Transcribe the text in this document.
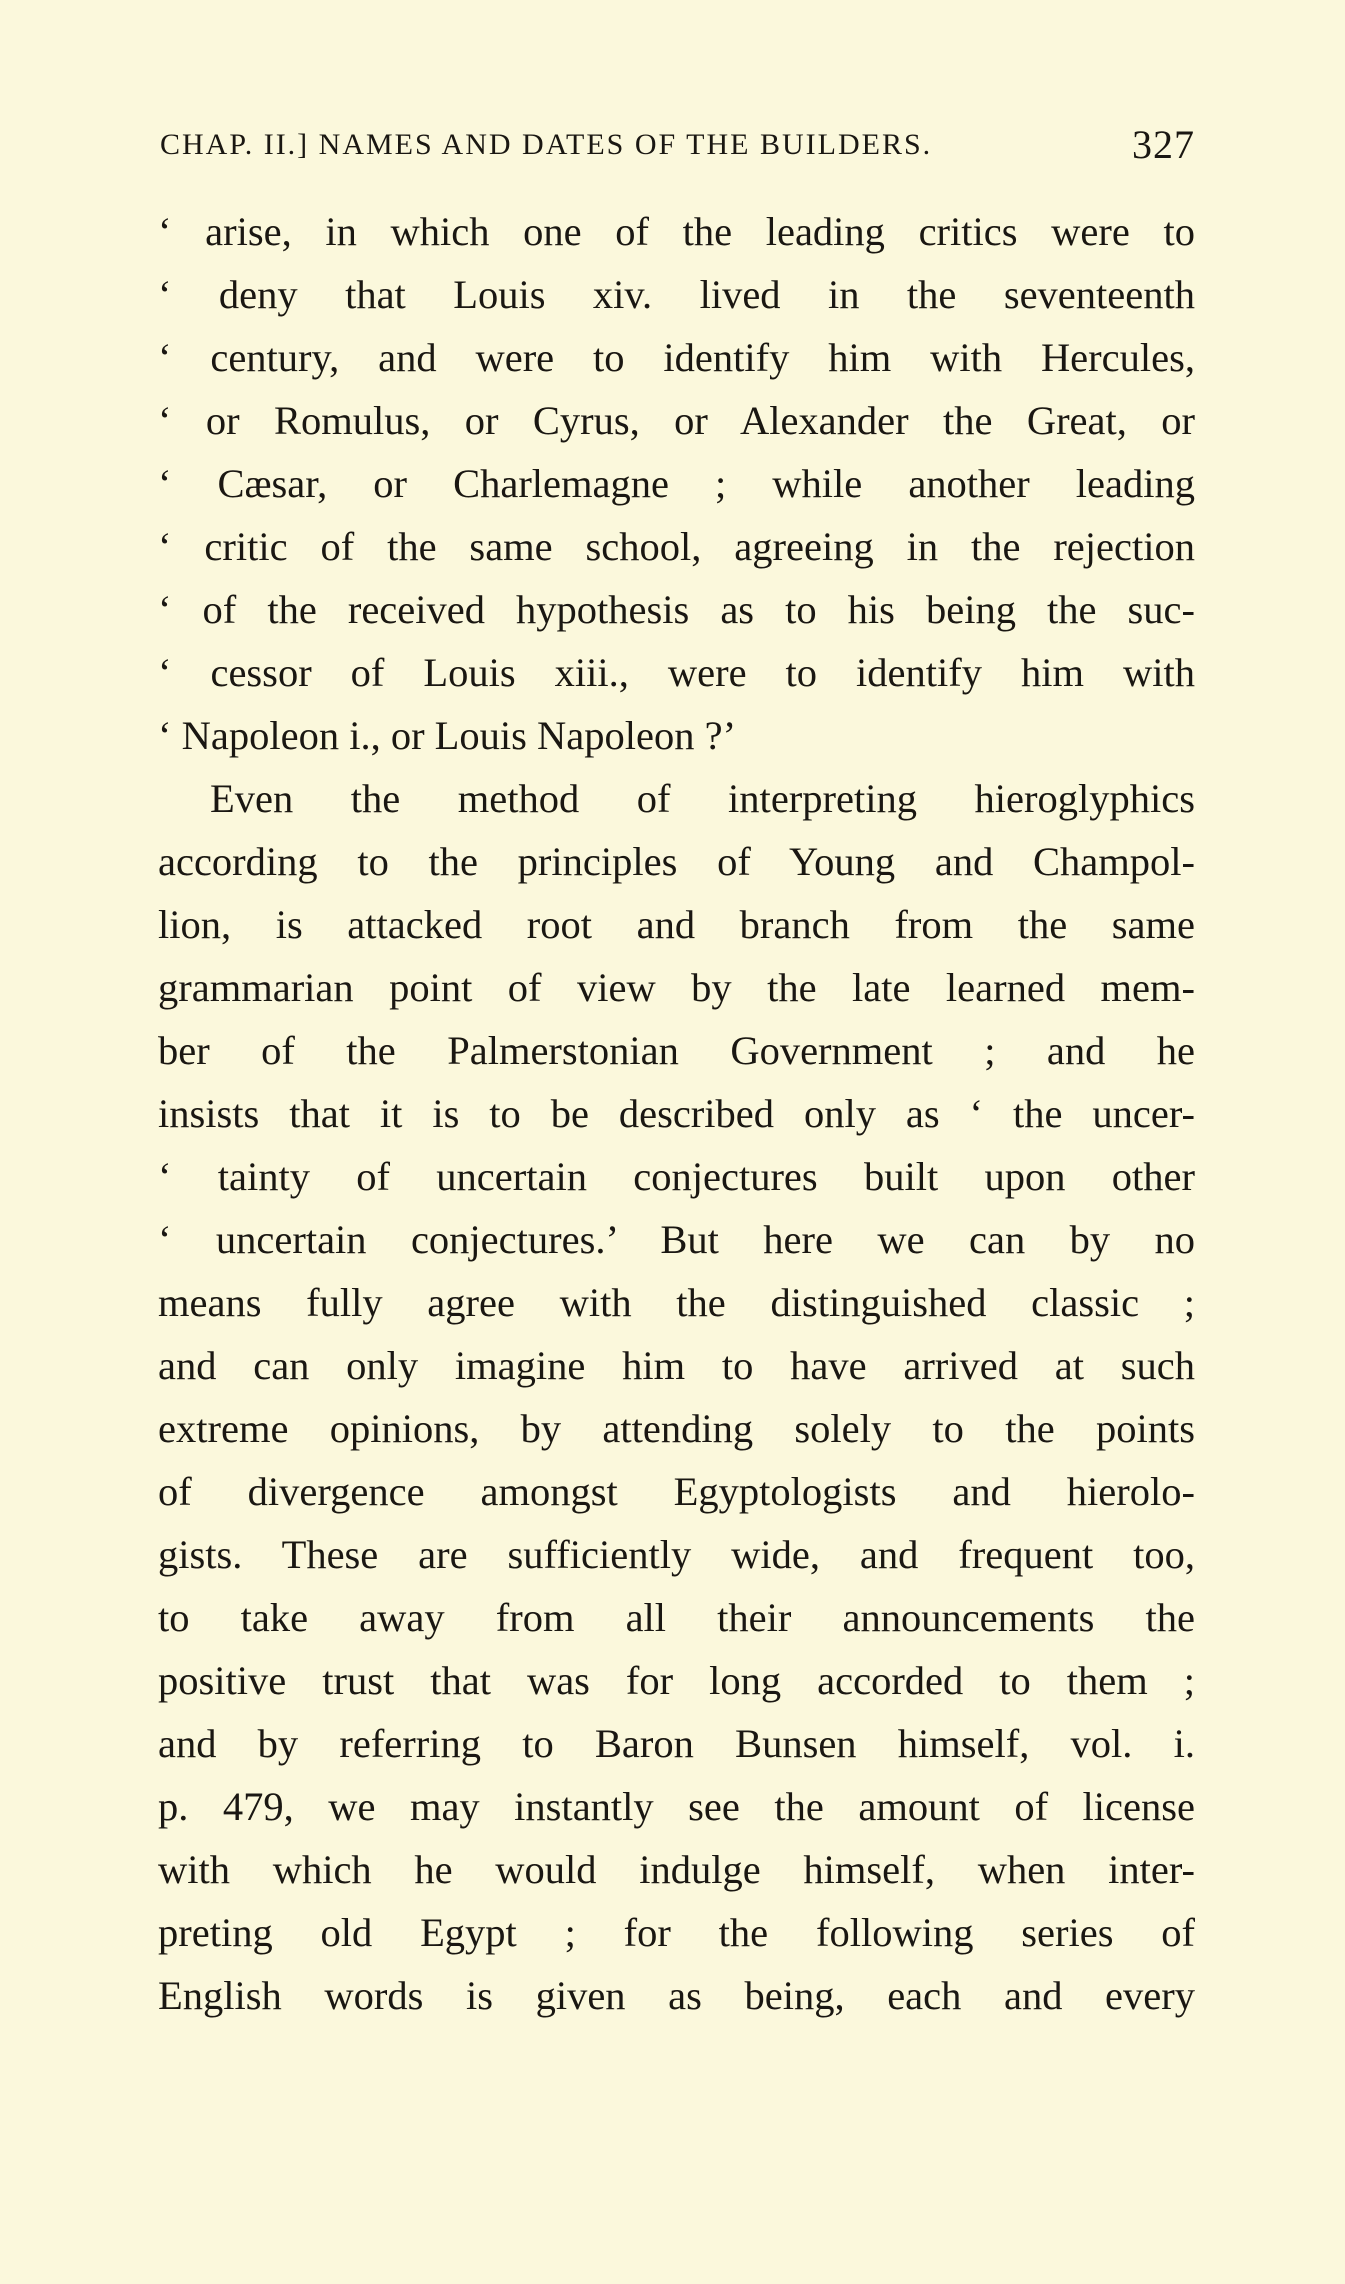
CHAP. II.] NAMES AND DATES OF THE BUILDERS.	327
‘ arise, in which one of the leading critics were to
‘ deny that Louis xiv. lived in the seventeenth
‘ century, and were to identify him with Hercules,
‘ or Romulus, or Cyrus, or Alexander the Great, or
‘ Cæsar, or Charlemagne ; while another leading
‘ critic of the same school, agreeing in the rejection
‘ of the received hypothesis as to his being the suc-
‘ cessor of Louis xiii., were to identify him with
‘ Napoleon i., or Louis Napoleon ?’
Even the method of interpreting hieroglyphics
according to the principles of Young and Champol-
lion, is attacked root and branch from the same
grammarian point of view by the late learned mem-
ber of the Palmerstonian Government ; and he
insists that it is to be described only as ‘ the uncer-
‘ tainty of uncertain conjectures built upon other
‘ uncertain conjectures.’ But here we can by no
means fully agree with the distinguished classic ;
and can only imagine him to have arrived at such
extreme opinions, by attending solely to the points
of divergence amongst Egyptologists and hierolo-
gists. These are sufficiently wide, and frequent too,
to take away from all their announcements the
positive trust that was for long accorded to them ;
and by referring to Baron Bunsen himself, vol. i.
p. 479, we may instantly see the amount of license
with which he would indulge himself, when inter-
preting old Egypt ; for the following series of
English words is given as being, each and every
